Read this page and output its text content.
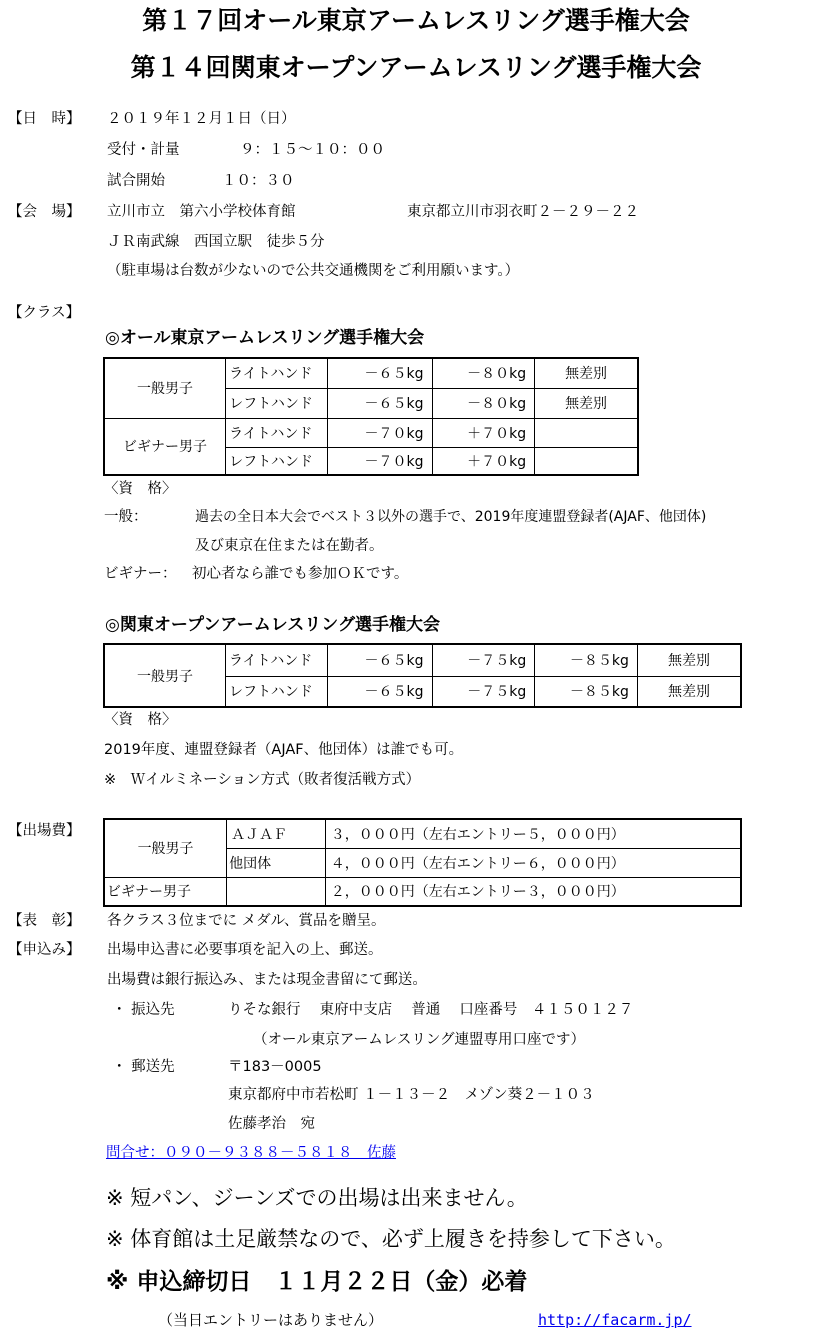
第１７回オール東京アームレスリング選手権大会
第１４回関東オープンアームレスリング選手権大会
【日　時】 ２０１９年１２月１日（日）
受付・計量	９：１５～１０：００
試合開始	１０：３０
【会　場】 立川市立　第六小学校体育館	東京都立川市羽衣町２－２９－２２
ＪＲ南武線　西国立駅　徒歩５分
（駐車場は台数が少ないので公共交通機関をご利用願います。）
【クラス】
◎オール東京アームレスリング選手権大会
一般男子	ライトハンド	－６５kg	－８０kg	無差別
	レフトハンド	－６５kg	－８０kg	無差別
ビギナー男子	ライトハンド	－７０kg	＋７０kg	
	レフトハンド	－７０kg	＋７０kg	
〈資　格〉
一般：	過去の全日本大会でベスト３以外の選手で、2019年度連盟登録者(AJAF、他団体)
及び東京在住または在勤者。
ビギナー： 初心者なら誰でも参加ＯＫです。
◎関東オープンアームレスリング選手権大会
一般男子	ライトハンド	－６５kg	－７５kg	－８５kg	無差別
	レフトハンド	－６５kg	－７５kg	－８５kg	無差別
〈資　格〉
2019年度、連盟登録者（AJAF、他団体）は誰でも可。
※　Ｗイルミネーション方式（敗者復活戦方式）
【出場費】
一般男子	ＡＪＡＦ	３，０００円（左右エントリー５，０００円）
	他団体	４，０００円（左右エントリー６，０００円）
ビギナー男子		２，０００円（左右エントリー３，０００円）
【表　彰】 各クラス３位までに メダル、賞品を贈呈。
【申込み】 出場申込書に必要事項を記入の上、郵送。
出場費は銀行振込み、または現金書留にて郵送。
・ 振込先	りそな銀行　 東府中支店　 普通　 口座番号　４１５０１２７
（オール東京アームレスリング連盟専用口座です）
・ 郵送先	〒183－0005
東京都府中市若松町 １－１３－２　メゾン葵２－１０３
佐藤孝治　宛
問合せ：０９０－９３８８－５８１８　佐藤
※ 短パン、ジーンズでの出場は出来ません。
※ 体育館は土足厳禁なので、必ず上履きを持参して下さい。
※ 申込締切日　１１月２２日（金）必着
（当日エントリーはありません）	http://facarm.jp/
